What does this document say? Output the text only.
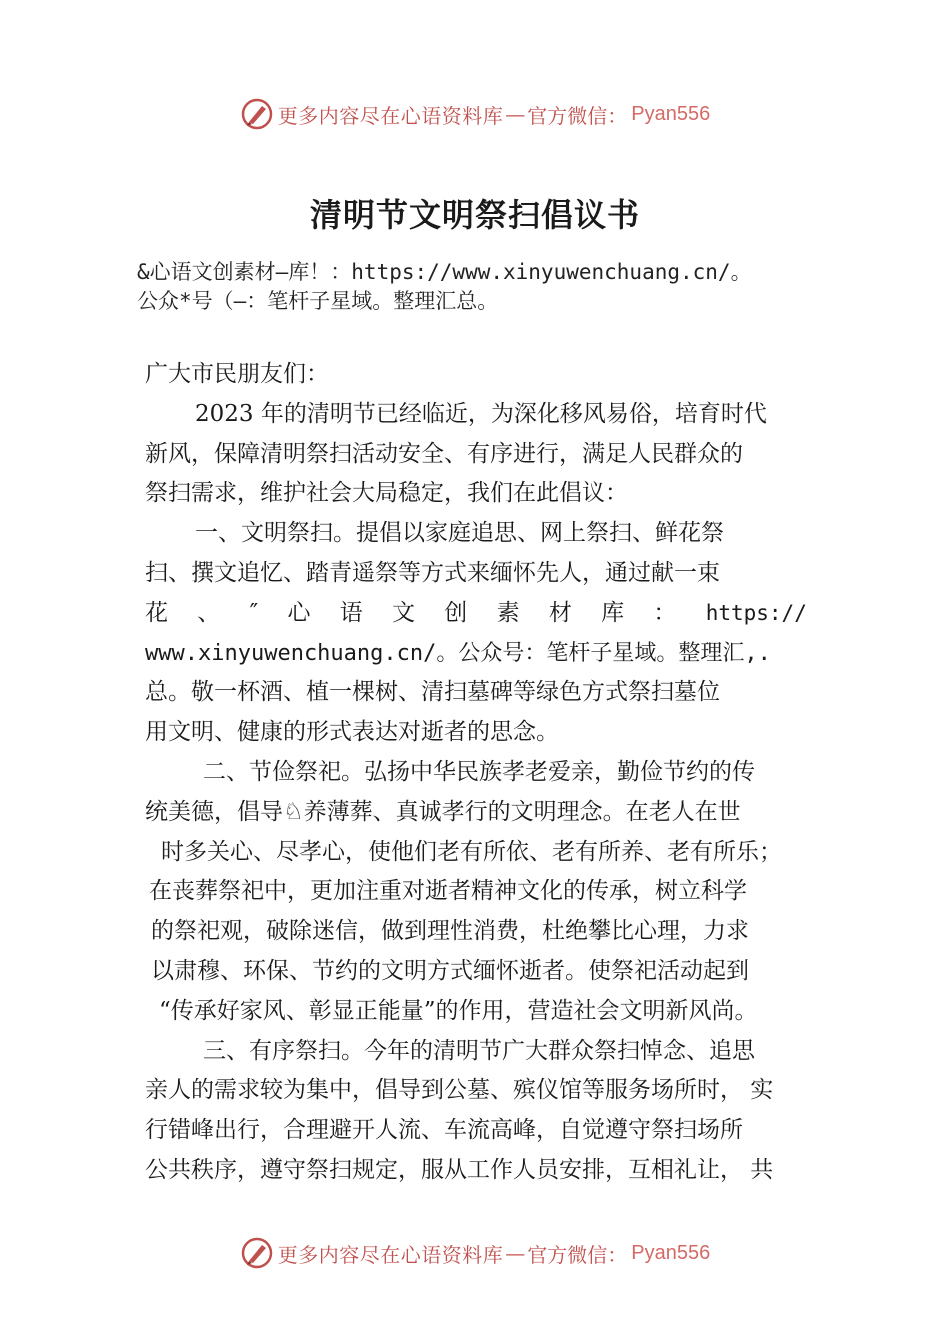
更多内容尽在心语资料库 — 官方微信： Pyan556
清明节文明祭扫倡议书
&心语文创素材—库！：https://www.xinyuwenchuang.cn/。
公众*号（—：笔杆子星域。整理汇总。
广大市民朋友们：
2023 年的清明节已经临近，为深化移风易俗，培育时代
新风，保障清明祭扫活动安全、有序进行，满足人民群众的
祭扫需求，维护社会大局稳定，我们在此倡议：
一、文明祭扫。提倡以家庭追思、网上祭扫、鲜花祭
扫、撰文追忆、踏青遥祭等方式来缅怀先人，通过献一束
花 、 ″ 心 语 文 创 素 材 库 ： https://
www.xinyuwenchuang.cn/。公众号：笔杆子星域。整理汇,.
总。敬一杯酒、植一棵树、清扫墓碑等绿色方式祭扫墓位
用文明、健康的形式表达对逝者的思念。
二、节俭祭祀。弘扬中华民族孝老爱亲，勤俭节约的传
统美德，倡导♘养薄葬、真诚孝行的文明理念。在老人在世
时多关心、尽孝心，使他们老有所依、老有所养、老有所乐；
在丧葬祭祀中，更加注重对逝者精神文化的传承，树立科学
的祭祀观，破除迷信，做到理性消费，杜绝攀比心理，力求
以肃穆、环保、节约的文明方式缅怀逝者。使祭祀活动起到
“传承好家风、彰显正能量”的作用，营造社会文明新风尚。
三、有序祭扫。今年的清明节广大群众祭扫悼念、追思
亲人的需求较为集中，倡导到公墓、殡仪馆等服务场所时， 实
行错峰出行，合理避开人流、车流高峰，自觉遵守祭扫场所
公共秩序，遵守祭扫规定，服从工作人员安排，互相礼让， 共
更多内容尽在心语资料库 — 官方微信： Pyan556
